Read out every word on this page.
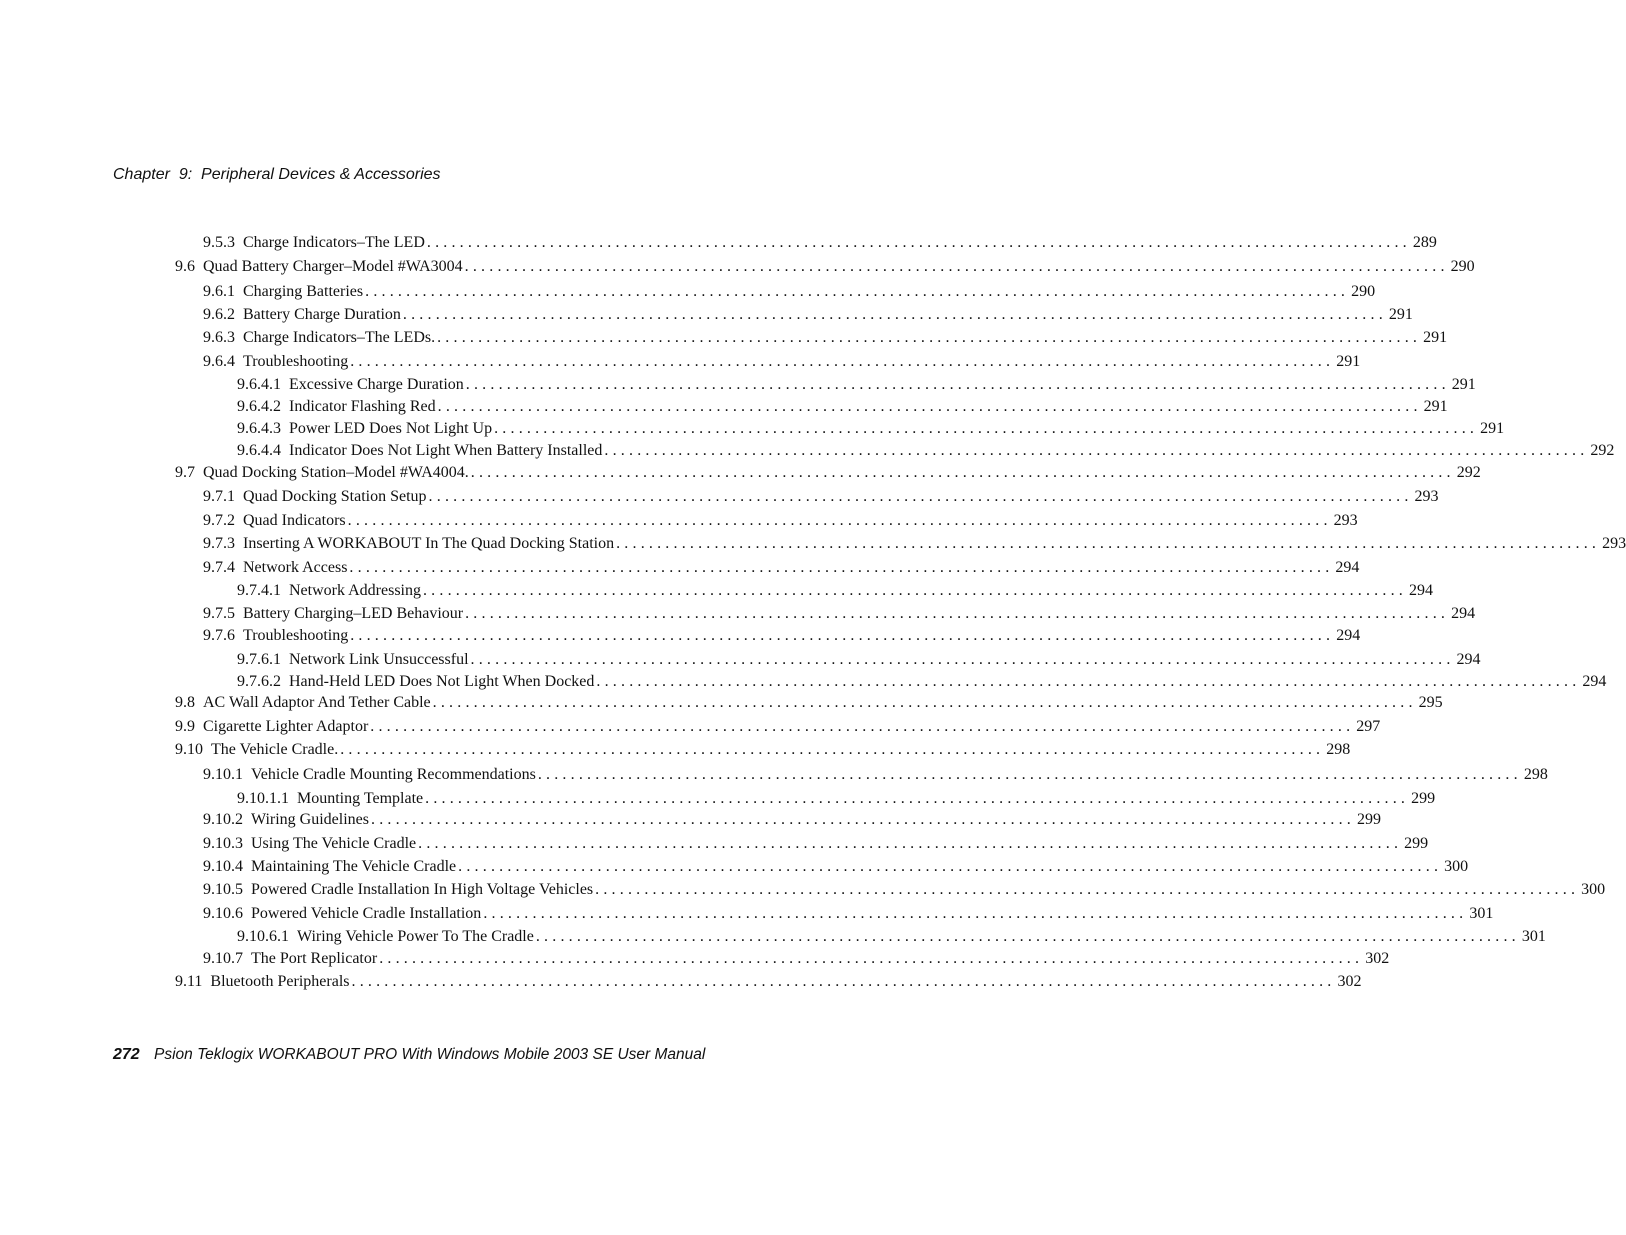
Chapter  9:  Peripheral Devices & Accessories
9.5.3 Charge Indicators–The LED ........................................................................................................................ 289
9.6 Quad Battery Charger–Model #WA3004 ........................................................................................................................ 290
9.6.1 Charging Batteries ........................................................................................................................ 290
9.6.2 Battery Charge Duration ........................................................................................................................ 291
9.6.3 Charge Indicators–The LEDs. ........................................................................................................................ 291
9.6.4 Troubleshooting ........................................................................................................................ 291
9.6.4.1 Excessive Charge Duration ........................................................................................................................ 291
9.6.4.2 Indicator Flashing Red ........................................................................................................................ 291
9.6.4.3 Power LED Does Not Light Up ........................................................................................................................ 291
9.6.4.4 Indicator Does Not Light When Battery Installed ........................................................................................................................ 292
9.7 Quad Docking Station–Model #WA4004. ........................................................................................................................ 292
9.7.1 Quad Docking Station Setup ........................................................................................................................ 293
9.7.2 Quad Indicators ........................................................................................................................ 293
9.7.3 Inserting A WORKABOUT In The Quad Docking Station ........................................................................................................................ 293
9.7.4 Network Access ........................................................................................................................ 294
9.7.4.1 Network Addressing ........................................................................................................................ 294
9.7.5 Battery Charging–LED Behaviour ........................................................................................................................ 294
9.7.6 Troubleshooting ........................................................................................................................ 294
9.7.6.1 Network Link Unsuccessful ........................................................................................................................ 294
9.7.6.2 Hand-Held LED Does Not Light When Docked ........................................................................................................................ 294
9.8 AC Wall Adaptor And Tether Cable ........................................................................................................................ 295
9.9 Cigarette Lighter Adaptor ........................................................................................................................ 297
9.10 The Vehicle Cradle. ........................................................................................................................ 298
9.10.1 Vehicle Cradle Mounting Recommendations ........................................................................................................................ 298
9.10.1.1 Mounting Template ........................................................................................................................ 299
9.10.2 Wiring Guidelines ........................................................................................................................ 299
9.10.3 Using The Vehicle Cradle ........................................................................................................................ 299
9.10.4 Maintaining The Vehicle Cradle ........................................................................................................................ 300
9.10.5 Powered Cradle Installation In High Voltage Vehicles ........................................................................................................................ 300
9.10.6 Powered Vehicle Cradle Installation ........................................................................................................................ 301
9.10.6.1 Wiring Vehicle Power To The Cradle ........................................................................................................................ 301
9.10.7 The Port Replicator ........................................................................................................................ 302
9.11 Bluetooth Peripherals ........................................................................................................................ 302
272 Psion Teklogix WORKABOUT PRO With Windows Mobile 2003 SE User Manual
